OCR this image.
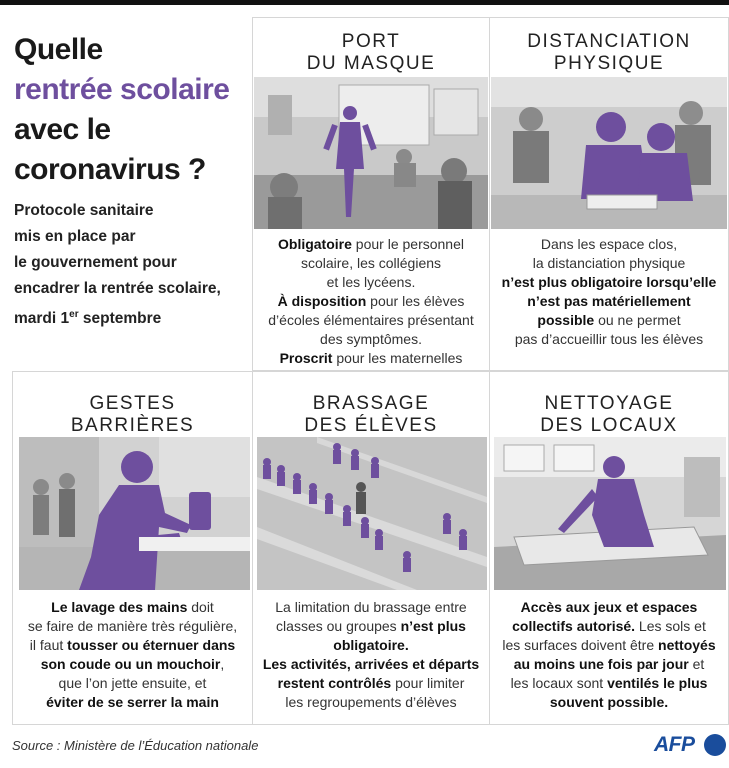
Quelle
rentrée scolaire
avec le
coronavirus ?
Protocole sanitaire
mis en place par
le gouvernement pour
encadrer la rentrée scolaire,
mardi 1er septembre
PORT
DU MASQUE
Obligatoire pour le personnel
scolaire, les collégiens
et les lycéens.
À disposition pour les élèves
d’écoles élémentaires présentant
des symptômes.
Proscrit pour les maternelles
DISTANCIATION
PHYSIQUE
Dans les espace clos,
la distanciation physique
n’est plus obligatoire lorsqu’elle
n’est pas matériellement
possible ou ne permet
pas d’accueillir tous les élèves
GESTES
BARRIÈRES
Le lavage des mains doit
se faire de manière très régulière,
il faut tousser ou éternuer dans
son coude ou un mouchoir,
que l’on jette ensuite, et
éviter de se serrer la main
BRASSAGE
DES ÉLÈVES
La limitation du brassage entre
classes ou groupes n’est plus
obligatoire.
Les activités, arrivées et départs
restent contrôlés pour limiter
les regroupements d’élèves
NETTOYAGE
DES LOCAUX
Accès aux jeux et espaces
collectifs autorisé. Les sols et
les surfaces doivent être nettoyés
au moins une fois par jour et
les locaux sont ventilés le plus
souvent possible.
Source : Ministère de l’Éducation nationale	AFP
